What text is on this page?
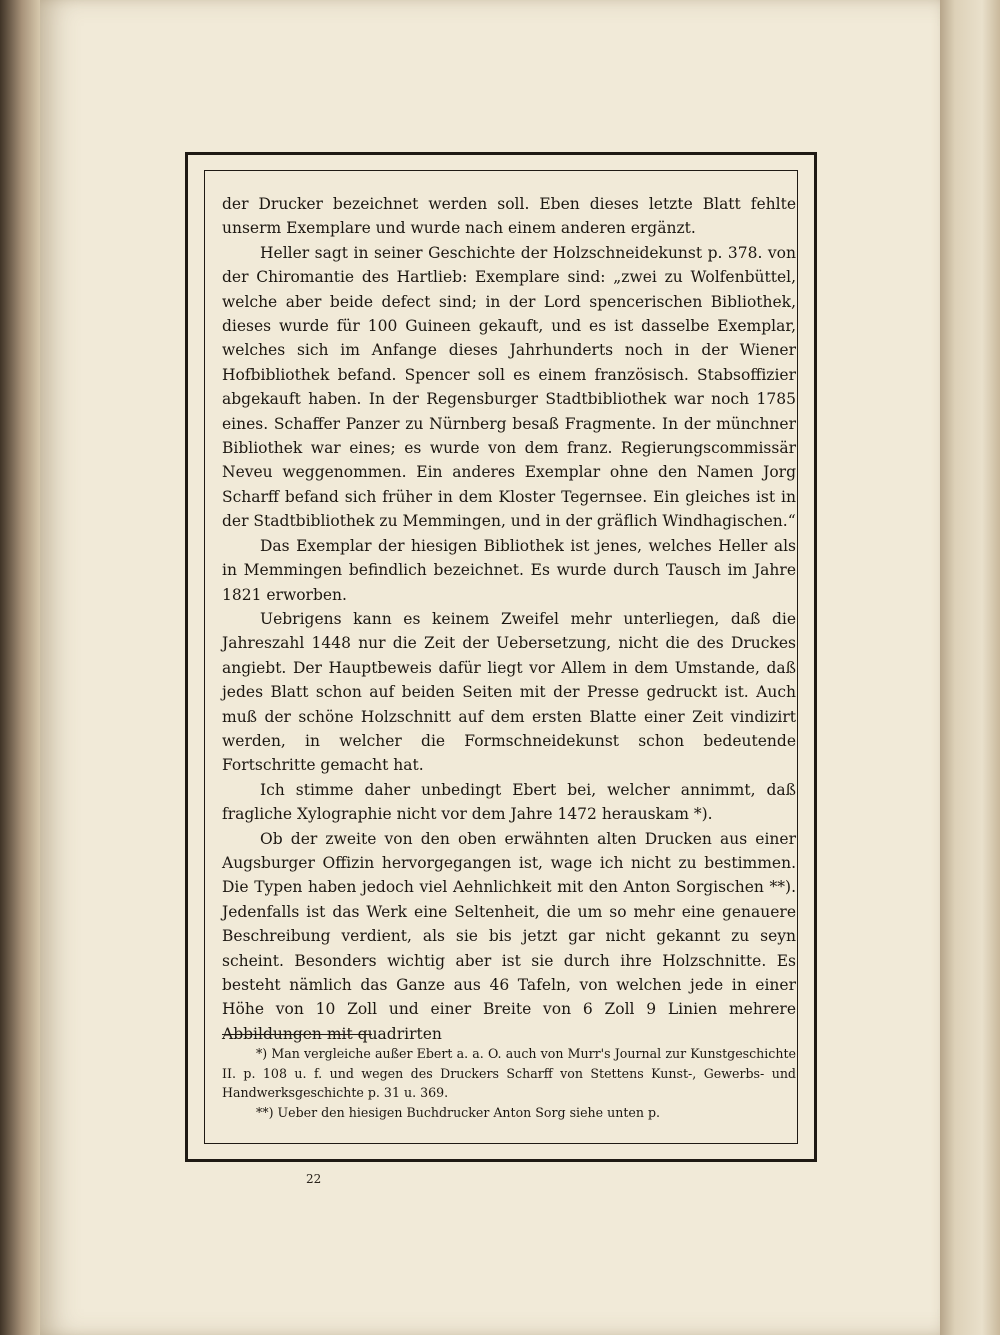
der Drucker bezeichnet werden soll. Eben dieses letzte Blatt fehlte unserm Exemplare und wurde nach einem anderen ergänzt.

Heller sagt in seiner Geschichte der Holzschneidekunst p. 378. von der Chiromantie des Hartlieb: Exemplare sind: „zwei zu Wolfenbüttel, welche aber beide defect sind; in der Lord spencerischen Bibliothek, dieses wurde für 100 Guineen gekauft, und es ist dasselbe Exemplar, welches sich im Anfange dieses Jahrhunderts noch in der Wiener Hofbibliothek befand. Spencer soll es einem französisch. Stabsoffizier abgekauft haben. In der Regensburger Stadtbibliothek war noch 1785 eines. Schaffer Panzer zu Nürnberg besaß Fragmente. In der münchner Bibliothek war eines; es wurde von dem franz. Regierungscommissär Neveu weggenommen. Ein anderes Exemplar ohne den Namen Jorg Scharff befand sich früher in dem Kloster Tegernsee. Ein gleiches ist in der Stadtbibliothek zu Memmingen, und in der gräflich Windhagischen.“

Das Exemplar der hiesigen Bibliothek ist jenes, welches Heller als in Memmingen befindlich bezeichnet. Es wurde durch Tausch im Jahre 1821 erworben.

Uebrigens kann es keinem Zweifel mehr unterliegen, daß die Jahreszahl 1448 nur die Zeit der Uebersetzung, nicht die des Druckes angiebt. Der Hauptbeweis dafür liegt vor Allem in dem Umstande, daß jedes Blatt schon auf beiden Seiten mit der Presse gedruckt ist. Auch muß der schöne Holzschnitt auf dem ersten Blatte einer Zeit vindizirt werden, in welcher die Formschneidekunst schon bedeutende Fortschritte gemacht hat.

Ich stimme daher unbedingt Ebert bei, welcher annimmt, daß fragliche Xylographie nicht vor dem Jahre 1472 herauskam *).

Ob der zweite von den oben erwähnten alten Drucken aus einer Augsburger Offizin hervorgegangen ist, wage ich nicht zu bestimmen. Die Typen haben jedoch viel Aehnlichkeit mit den Anton Sorgischen **). Jedenfalls ist das Werk eine Seltenheit, die um so mehr eine genauere Beschreibung verdient, als sie bis jetzt gar nicht gekannt zu seyn scheint. Besonders wichtig aber ist sie durch ihre Holzschnitte. Es besteht nämlich das Ganze aus 46 Tafeln, von welchen jede in einer Höhe von 10 Zoll und einer Breite von 6 Zoll 9 Linien mehrere Abbildungen mit quadrirten

*) Man vergleiche außer Ebert a. a. O. auch von Murr's Journal zur Kunstgeschichte II. p. 108 u. f. und wegen des Druckers Scharff von Stettens Kunst-, Gewerbs- und Handwerksgeschichte p. 31 u. 369.

**) Ueber den hiesigen Buchdrucker Anton Sorg siehe unten p.

22
